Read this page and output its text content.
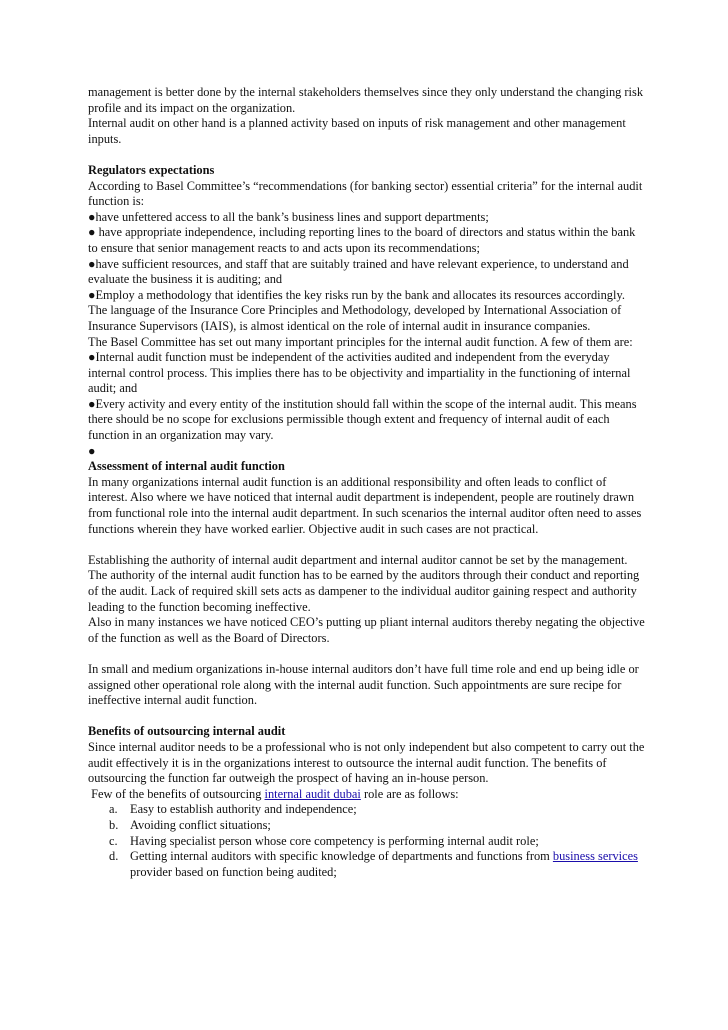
management is better done by the internal stakeholders themselves since they only understand the changing risk profile and its impact on the organization.

Internal audit on other hand is a planned activity based on inputs of risk management and other management inputs.

Regulators expectations

According to Basel Committee’s “recommendations (for banking sector) essential criteria” for the internal audit function is:

●have unfettered access to all the bank’s business lines and support departments;

● have appropriate independence, including reporting lines to the board of directors and status within the bank to ensure that senior management reacts to and acts upon its recommendations;

●have sufficient resources, and staff that are suitably trained and have relevant experience, to understand and evaluate the business it is auditing; and

●Employ a methodology that identifies the key risks run by the bank and allocates its resources accordingly.

The language of the Insurance Core Principles and Methodology, developed by International Association of Insurance Supervisors (IAIS), is almost identical on the role of internal audit in insurance companies.

The Basel Committee has set out many important principles for the internal audit function. A few of them are:

●Internal audit function must be independent of the activities audited and independent from the everyday internal control process. This implies there has to be objectivity and impartiality in the functioning of internal audit; and

●Every activity and every entity of the institution should fall within the scope of the internal audit. This means there should be no scope for exclusions permissible though extent and frequency of internal audit of each function in an organization may vary.

●

Assessment of internal audit function

In many organizations internal audit function is an additional responsibility and often leads to conflict of interest. Also where we have noticed that internal audit department is independent, people are routinely drawn from functional role into the internal audit department. In such scenarios the internal auditor often need to asses functions wherein they have worked earlier. Objective audit in such cases are not practical.

Establishing the authority of internal audit department and internal auditor cannot be set by the management. The authority of the internal audit function has to be earned by the auditors through their conduct and reporting of the audit. Lack of required skill sets acts as dampener to the individual auditor gaining respect and authority leading to the function becoming ineffective.

Also in many instances we have noticed CEO’s putting up pliant internal auditors thereby negating the objective of the function as well as the Board of Directors.

In small and medium organizations in-house internal auditors don’t have full time role and end up being idle or assigned other operational role along with the internal audit function. Such appointments are sure recipe for ineffective internal audit function.

Benefits of outsourcing internal audit

Since internal auditor needs to be a professional who is not only independent but also competent to carry out the audit effectively it is in the organizations interest to outsource the internal audit function. The benefits of outsourcing the function far outweigh the prospect of having an in-house person.

Few of the benefits of outsourcing internal audit dubai role are as follows:

a. Easy to establish authority and independence;
b. Avoiding conflict situations;
c. Having specialist person whose core competency is performing internal audit role;
d. Getting internal auditors with specific knowledge of departments and functions from business services provider based on function being audited;
